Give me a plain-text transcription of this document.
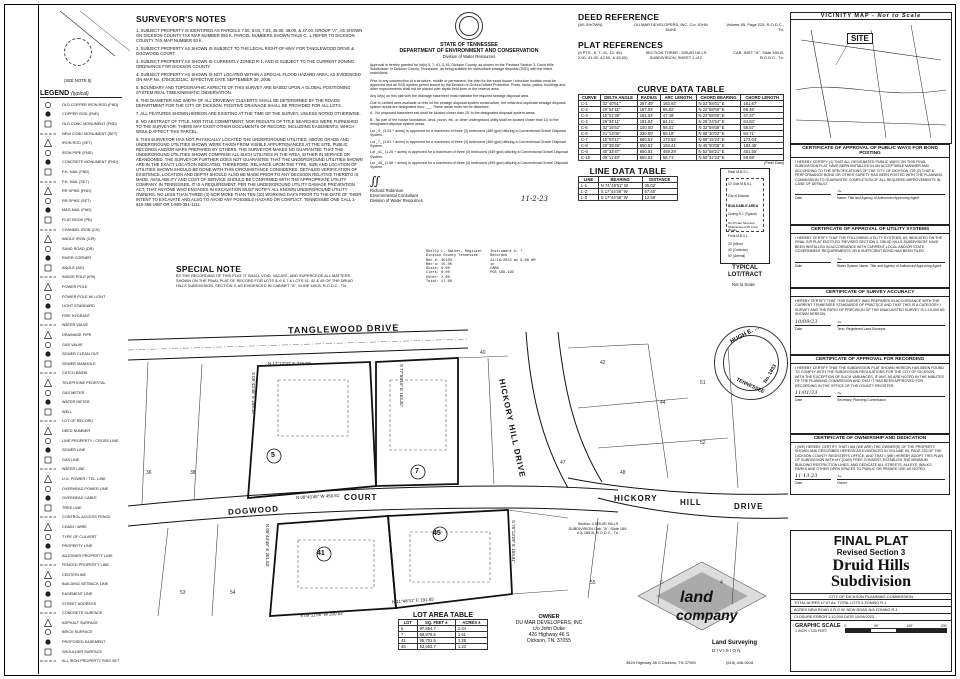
(SEE NOTE 5)
LEGEND (typical)
OLD COPPER IRON ROD (FND)
COPPER ROD (FND)
OLD CONC MONUMENT (FND)
NEW CONC MONUMENT (SET)
IRON ROD (SET)
IRON PIPE (FND)
CONCRETE MONUMENT (FND)
P.K. NAIL (FND)
P.K. NAIL (SET)
RR SPIKE (FND)
RR SPIKE (SET)
MAG NAIL (FND)
PLAT BOOK (PB)
CHANNEL IRON (CH)
ANGLE IRON (CIR)
SAND ROAD (DR)
RIVER CORNER
ANGLE (AG)
INSIDE POLE (IPA)
POWER POLE
POWER POLE W/ LIGHT
LIGHT STANDARD
FIRE HYDRANT
WATER VALVE
DRAINAGE PIPE
GAS VALVE
SEWER CLEAN-OUT
SEWER MANHOLE
CATCH BASIN
TELEPHONE PEDESTAL
GAS METER
WATER METER
WELL
LOT OF RECORD
DEED NUMBER
LINE PROPERTY / CROSS LINE
SEWER LINE
GAS LINE
WATER LINE
U.G. POWER / TEL. LINE
OVERHEAD POWER LINE
OVERHEAD CABLE
TREE LINE
CONTROL ACCESS FENCE
CHAIN / WIRE
TYPE OF CULVERT
PROPERTY LINE
ADJOINER PROPERTY LINE
FENCED PROPERTY LINE
CENTERLINE
BUILDING SETBACK LINE
EASEMENT LINE
STREET ADDRESS
CONCRETE SURFACE
ASPHALT SURFACE
BRICK SURFACE
PROPOSED EASEMENT
SHOULDER SURFACE
ALL IRON PROPERTY PINS SET
SURVEYOR'S NOTES
1. SUBJECT PROPERTY IS IDENTIFIED AS PARCELS 7.00, 6.03, 7.03, 45.00, 46.00, & 47.00, GROUP "A", AS SHOWN ON DICKSON COUNTY TAX MAP NUMBER 093 K. PARCEL NUMBERS SHOWN THUS C...L REFER TO DICKSON COUNTY TAX MAP NUMBER 93 K.
2. SUBJECT PROPERTY AS SHOWN IS SUBJECT TO THE LEGAL RIGHT-OF-WAY FOR TANGLEWOOD DRIVE & DOGWOOD COURT.
3. SUBJECT PROPERTY AS SHOWN IS CURRENTLY ZONED R-1, AND IS SUBJECT TO THE CURRENT ZONING ORDINANCE FOR DICKSON COUNTY.
4. SUBJECT PROPERTY AS SHOWN IS NOT LOCATED WITHIN A SPECIAL FLOOD HAZARD AREA, AS EVIDENCED ON MAP No. 47043C0215C, EFFECTIVE DATE SEPTEMBER 29, 2006.
5. BOUNDARY AND TOPOGRAPHIC ASPECTS OF THIS SURVEY ARE BASED UPON A GLOBAL POSITIONING SYSTEM REAL TIME KINEMATIC OBSERVATION.
6. THE DIAMETER AND WIDTH OF ALL DRIVEWAY CULVERTS SHALL BE DETERMINED BY THE ROADS DEPARTMENT FOR THE CITY OF DICKSON. POSITIVE DRAINAGE SHALL BE PROVIDED FOR ALL LOTS.
7. ALL FEATURES SHOWN HEREON ARE EXISTING AT THE TIME OF THE SURVEY, UNLESS NOTED OTHERWISE.
8. NO ABSTRACT OF TITLE, NOR TITLE COMMITMENT, NOR RESULTS OF TITLE SEARCHES WERE FURNISHED TO THE SURVEYOR. THERE MAY EXIST OTHER DOCUMENTS OF RECORD, INCLUDING EASEMENTS, WHICH WOULD AFFECT THIS PARCEL.
9. THIS SURVEYOR HAS NOT PHYSICALLY LOCATED THE UNDERGROUND UTILITIES. ABOVE GRADE AND UNDERGROUND UTILITIES SHOWN WERE TAKEN FROM VISIBLE APPURTENANCES AT THE SITE, PUBLIC RECORDS AND/OR MAPS PREPARED BY OTHERS. THE SURVEYOR MAKES NO GUARANTEE THAT THE UNDERGROUND UTILITIES SHOWN COMPRISE ALL SUCH UTILITIES IN THE AREA, EITHER IN SERVICE OR ABANDONED. THE SURVEYOR FURTHER DOES NOT GUARANTEE THAT THE UNDERGROUND UTILITIES SHOWN ARE IN THE EXACT LOCATION INDICATED. THEREFORE, RELIANCE UPON THE TYPE, SIZE AND LOCATION OF UTILITIES SHOWN SHOULD BE DONE WITH THIS CIRCUMSTANCE CONSIDERED. DETAILED VERIFICATION OF EXISTENCE, LOCATION AND DEPTH SHOULD ALSO BE MADE PRIOR TO ANY DECISION RELATIVE THERETO IS MADE. AVAILABILITY AND COST OF SERVICE SHOULD BE CONFIRMED WITH THE APPROPRIATE UTILITY COMPANY. IN TENNESSEE, IT IS A REQUIREMENT, PER THE UNDERGROUND UTILITY DAMAGE PREVENTION ACT, THAT ANYONE WHO ENGAGES IN EXCAVATION MUST NOTIFY ALL KNOWN UNDERGROUND UTILITY OWNERS, NO LESS THAN THREE (3) NOR MORE THAN TEN (10) WORKING DAYS PRIOR TO THE DATE OF THEIR INTENT TO EXCAVATE AND ALSO TO AVOID ANY POSSIBLE HAZARD OR CONFLICT. TENNESSEE ONE CALL 1-615-366-1987 OR 1-800-351-1111.
SPECIAL NOTE
BY THE RECORDING OF THIS PLAT, IT SHALL VOID, VACATE, AND SUPERCEDE ALL MATTERS SHOWN ON THE FINAL PLAT OF RECORD FOR LOTS 5, 6 & 7 & LOTS 41, 42 & 45 OF THE DRUID HILLS SUBDIVISION, SECTION 3, AS EVIDENCED IN CABINET "A", SLIDE 189-B, R.O.D.C., TN.
STATE OF TENNESSEE
DEPARTMENT OF ENVIRONMENT AND CONSERVATION
Division of Water Resources
Approval is hereby granted for lot(s) 5, 7, 41, & 45, Dickson County, as shown on the 'Revised Section 3, Druid Hills Subdivision' in Dickson County, Tennessee, as being suitable for subsurface sewage disposal (SSD) with the listed restrictions.
Prior to any construction of a structure, mobile or permanent, the plan for the exact house / structure location must be approved and an SSD system permit issued by the Division of Ground Water Protection. Pools, tanks, patios, buildings and other improvements shall not be placed over septic field lines or the reserve area.
Any lot(s) on this plat with the drainage easement must maintain the required sewage disposal area.
Due to Limited area available on this lot the sewage disposal system construction, the initial and duplicate sewage disposal system areas are designated thus: ___ These areas must not be disturbed.
A - No proposed basement exit shall be located closer than 25' to the designated disposal system areas.
B - No part of the house foundation, deck, porch, etc. or other underground utility shall be located closer than 10' to the designated disposal system areas.
Lot _5_ (3.24 + acres) is approved for a maximum of three (3) bedrooms (480 gpd) utilizing a Conventional Gravel Disposal System.
Lot _7_ (1.61 + acres) is approved for a maximum of three (3) bedrooms (480 gpd) utilizing a Conventional Gravel Disposal System.
Lot _41_ (1.26 + acres) is approved for a maximum of three (3) bedrooms (459 gpd) utilizing a Conventional Gravel Disposal System.
Lot _45_ (1.56 + acres) is approved for a maximum of three (3) bedrooms (459 gpd) utilizing a Conventional Gravel Disposal System.
∬
Richard Robinson
Environmental Consultant
Division of Water Resources	11-2-23
Shelly L. Sather, Register
Dickson County Tennessee
Rec #: 45103
Rec'd: 15.00
State: 0.00
Clerk: 0.00
Other: 2.00
Total: 17.00
Instrument #: 7
Recorded
11/16/2023 at 9:06 AM
in
CAB8
PGS 189-19D
DEED REFERENCE
(AS SHOWN)	DU MAR DEVELOPERS, INC. C/o JOHN DUKE
Volume 55, Page 225, R.O.D.C., Tn.
PLAT REFERENCES
(5 PTS., 6, 7, 41, 42, 45) 2.00, 41.00, 42.00, & 45.00)
SECTION THREE - DRUID HILLS SUBDIVISION, SHEET 1 of 2
CAB. INST. "A", Slide 189-B, R.O.D.C., Tn.
CURVE DATA TABLE
CURVE	DELTA ANGLE	RADIUS	ARC LENGTH	CHORD BEARING	CHORD LENGTH
C-1	32°40'51"	287.49'	163.92'	N 22°58'01" E	161.67'
C-2	20°04'11"	187.04'	65.82'	N 22°58'00" E	65.48'
C-3	15°01'39"	181.04'	47.49'	N 22°58'00" E	47.37'
C-4	25°34'11"	181.04'	64.11'	N 25°24'54" E	64.84'
C-5	32°15'52"	100.00'	56.31'	N 32°59'08" E	55.57'
C-6	21°13'05"	230.00'	85.19'	N 68°30'02" E	84.71'
C-7	15°03'17"	660.51'	173.54'	N 58°15'24" E	173.04'
C-8	20°39'48"	650.51'	184.41'	N 45°00'05" E	183.45'
C-9	40°33'47"	650.51'	459.29'	N 52°58'21" E	451.55'
C-10	05°11'45"	650.51'	58.71'	N 50°32'24" E	58.68'
(Field Data)
LINE DATA TABLE
LINE	BEARING	DISTANCE
L-1	N 74°48'51" W	35.02'
L-2	S 17°44'36" W	87.40'
L-3	S 17°44'36" W	12.59'
Rear M.B.S.L.
10' Side M.B.S.L.
City of Dickson
BUILDABLE AREA
Zoning R-1 (Typical)
No Private Structure Shall Exceed 35' From Roads
Front M.B.S.L.
20' (Minor)
40' (Collector)
50' (Arterial)
TYPICAL
LOT/TRACT
Not to Scale
HUGH E. ...
TENNESSEE
No. 1833
VICINITY MAP - Not to Scale
SITE
CERTIFICATE OF APPROVAL OF PUBLIC WAYS FOR BOND POSTING
I HEREBY CERTIFY (1) THAT ALL DESIGNATED PUBLIC WAYS ON THIS FINAL SUBDIVISION PLAT HAVE BEEN INSTALLED IN AN ACCEPTABLE MANNER AND ACCORDING TO THE SPECIFICATIONS OF THE CITY OF DICKSON, OR (2) THAT A PERFORMANCE BOND OR OTHER SURETY HAS BEEN POSTED WITH THE PLANNING COMMISSION TO GUARANTEE COMPLETION OF ALL REQUIRED IMPROVEMENTS IN CASE OF DEFAULT.
Date
~
Name, Title and Agency of Authorized Approving Agent
CERTIFICATE OF APPROVAL OF UTILITY SYSTEMS
I HEREBY CERTIFY THAT THE FOLLOWING UTILITY SYSTEMS, AS INDICATED ON THE FINAL S/R PLAT ENTITLED "REVISED SECTION 3, DRUID HILLS SUBDIVISION" HAVE BEEN INSTALLED IN ACCORDANCE WITH CURRENT LOCAL AND/OR STATE GOVERNMENT REQUIREMENTS OR A SUFFICIENT BOND HAS BEEN FILED.
Date
~
Water System Name, Title and Agency of Authorized Approving Agent
CERTIFICATE OF SURVEY ACCURACY
HEREBY CERTIFY THAT THIS SURVEY WAS PREPARED IN ACCORDANCE WITH THE CURRENT TENNESSEE STANDARDS OF PRACTICE AND THAT THIS IS A CATEGORY I SURVEY AND THE RATIO OF PRECISION OF THE UNADJUSTED SURVEY IS 1:10,000 AS SHOWN HEREON.
10/09/23
Date
~
Tenn. Registered Land Surveyor
CERTIFICATE OF APPROVAL FOR RECORDING
I HEREBY CERTIFY THAT THE SUBDIVISION PLAT SHOWN HEREON HAS BEEN FOUND TO COMPLY WITH THE SUBDIVISION REGULATIONS FOR THE CITY OF DICKSON, WITH THE EXCEPTION OF SUCH VARIANCES, IF ANY, AS ARE NOTED IN THE MINUTES OF THE PLANNING COMMISSION AND THAT IT HAS BEEN APPROVED FOR RECORDING IN THE OFFICE OF THE COUNTY REGISTER.
11/01/23
Date
~
Secretary, Planning Commission
CERTIFICATE OF OWNERSHIP AND DEDICATION
I (WE) HEREBY CERTIFY THAT I AM (WE ARE) THE OWNER(S) OF THE PROPERTY SHOWN AND DESCRIBED HEREON AS EVIDENCED IN VOLUME 55, PAGE 225 OF THE DICKSON COUNTY REGISTER'S OFFICE, AND THAT I (WE) HEREBY ADOPT THIS PLAN OF SUBDIVISION WITH MY (OUR) FREE CONSENT, ESTABLISH THE MINIMUM BUILDING RESTRICTION LINES, AND DEDICATE ALL STREETS, ALLEYS, WALKS, PARKS AND OTHER OPEN SPACES TO PUBLIC OR PRIVATE USE AS NOTED.
11-13-23
Date
~
Owner
FINAL PLAT
Revised Section 3
Druid Hills
Subdivision
CITY OF DICKSON PLANNING COMMISSION
TOTAL ACRES ±7.67 Ac. TOTAL LOTS 4 ZONING R-1
ACRES NEW ROAD 0 R.O.W. NEW ROAD N/A ZONING R-1
CLOSURE ERROR 1:10,000 DATE 10/09/2023
GRAPHIC SCALE
1 INCH = 100 FEET
0	50'	100'	200'
OWNER
DU MAR DEVELOPERS, INC
c/o John Duke
426 Highway 46 S
Dickson, TN. 37055
land
company
Land Surveying
D I V I S I O N
3824 Highway 46 S Dickson, TN 37055	(615) 446-0018
LOT AREA TABLE
LOT	SQ. FEET ±	ACRES ±
5	97,854.7	2.24
7	69,976.5	1.61
41	55,701.5	1.28
45	53,653.7	1.23
TANGLEWOOD DRIVE
HICKORY HILL DRIVE
DOGWOOD
COURT	HICKORY	HILL	DRIVE
Section 3 DRUID HILLS SUBDIVISION Cab. "A", Slide 189-A & 189-B, R.O.D.C., Tn.
5
7
41
45
N 17°13'10" E 219.20'
S 77°59'16" E 163.20'
S 08°43'45" E 258.16'
N 08°43'45" W 456.81'
N 08°43'45" E 201.53'
N 11°48'31" E 191.65'
S 08°11'56" W 200.52'
S 75°13'29" E 109.81'
36	38
40
42
44
47
48
51
52
53	54
55	6	4
